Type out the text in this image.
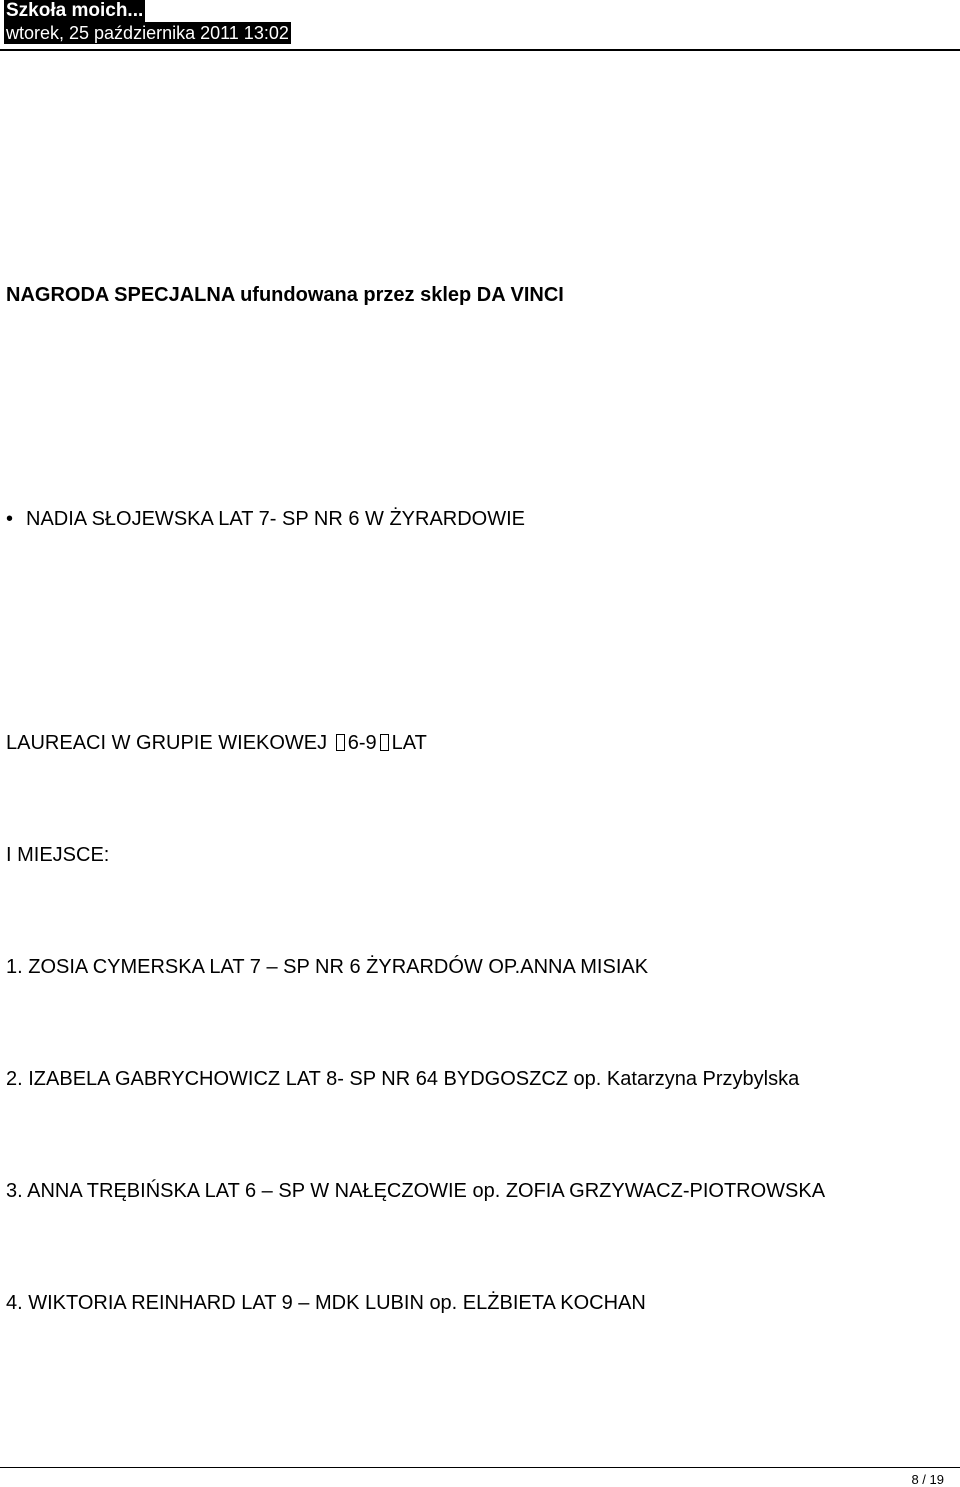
Szkoła moich...
wtorek, 25 października 2011 13:02
NAGRODA SPECJALNA ufundowana przez sklep DA VINCI
• NADIA SŁOJEWSKA LAT 7- SP NR 6 W ŻYRARDOWIE
LAUREACI W GRUPIE WIEKOWEJ 6-9 LAT
I MIEJSCE:
1. ZOSIA CYMERSKA LAT 7 – SP NR 6 ŻYRARDÓW OP.ANNA MISIAK
2. IZABELA GABRYCHOWICZ LAT 8- SP NR 64 BYDGOSZCZ op. Katarzyna Przybylska
3. ANNA TRĘBIŃSKA LAT 6 – SP W NAŁĘCZOWIE op. ZOFIA GRZYWACZ-PIOTROWSKA
4. WIKTORIA REINHARD LAT 9 – MDK LUBIN op. ELŻBIETA KOCHAN
8 / 19
